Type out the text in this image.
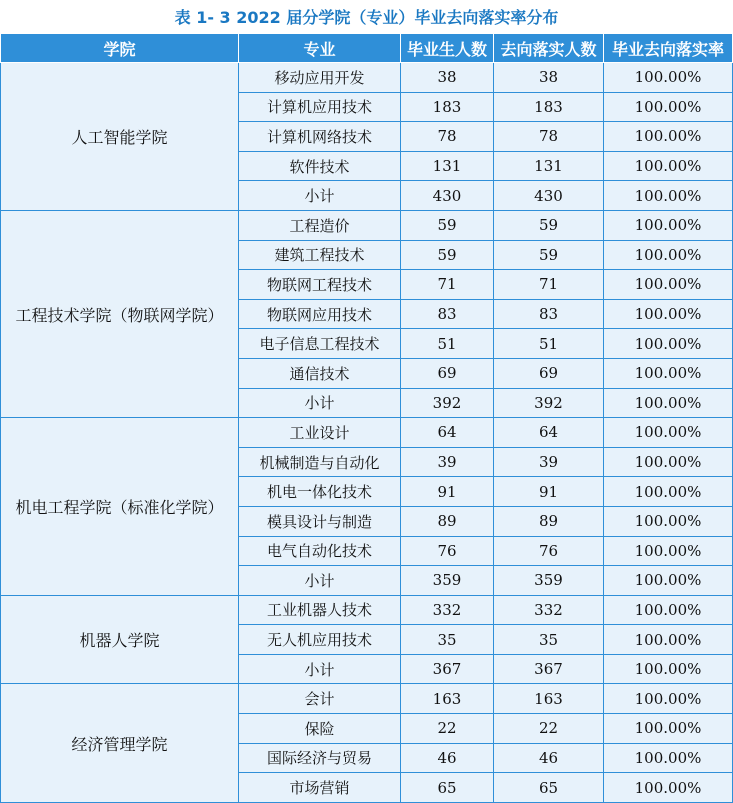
表 1- 3 2022 届分学院（专业）毕业去向落实率分布
学院	专业	毕业生人数	去向落实人数	毕业去向落实率
人工智能学院	移动应用开发	38	38	100.00%
	计算机应用技术	183	183	100.00%
	计算机网络技术	78	78	100.00%
	软件技术	131	131	100.00%
	小计	430	430	100.00%
工程技术学院（物联网学院）	工程造价	59	59	100.00%
	建筑工程技术	59	59	100.00%
	物联网工程技术	71	71	100.00%
	物联网应用技术	83	83	100.00%
	电子信息工程技术	51	51	100.00%
	通信技术	69	69	100.00%
	小计	392	392	100.00%
机电工程学院（标准化学院）	工业设计	64	64	100.00%
	机械制造与自动化	39	39	100.00%
	机电一体化技术	91	91	100.00%
	模具设计与制造	89	89	100.00%
	电气自动化技术	76	76	100.00%
	小计	359	359	100.00%
机器人学院	工业机器人技术	332	332	100.00%
	无人机应用技术	35	35	100.00%
	小计	367	367	100.00%
经济管理学院	会计	163	163	100.00%
	保险	22	22	100.00%
	国际经济与贸易	46	46	100.00%
	市场营销	65	65	100.00%
